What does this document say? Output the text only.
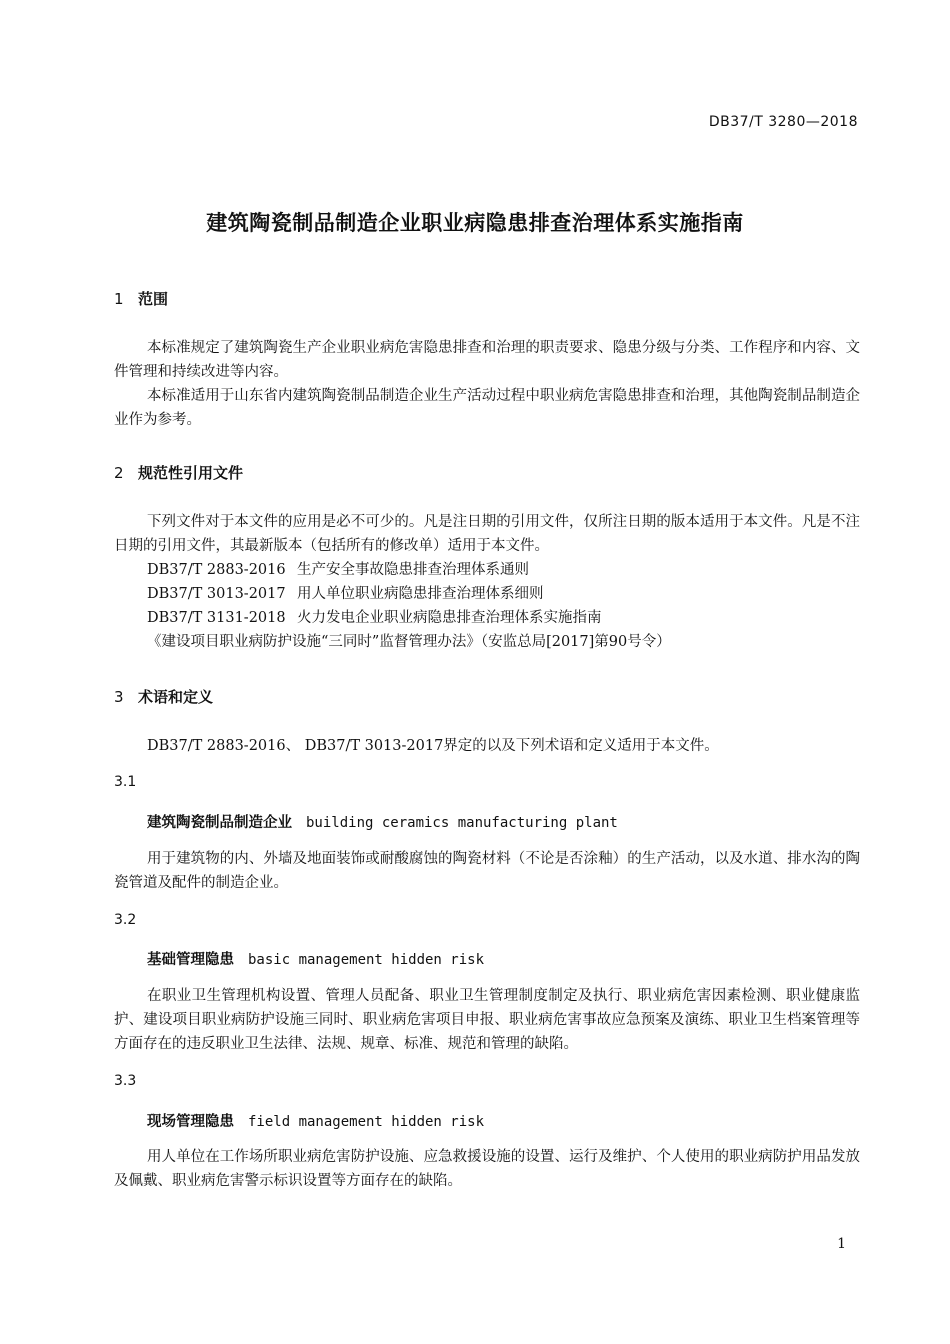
DB37/T 3280—2018
建筑陶瓷制品制造企业职业病隐患排查治理体系实施指南
1 范围
本标准规定了建筑陶瓷生产企业职业病危害隐患排查和治理的职责要求、隐患分级与分类、工作程序和内容、文件管理和持续改进等内容。
本标准适用于山东省内建筑陶瓷制品制造企业生产活动过程中职业病危害隐患排查和治理，其他陶瓷制品制造企业作为参考。
2 规范性引用文件
下列文件对于本文件的应用是必不可少的。凡是注日期的引用文件，仅所注日期的版本适用于本文件。凡是不注日期的引用文件，其最新版本（包括所有的修改单）适用于本文件。
DB37/T 2883-2016 生产安全事故隐患排查治理体系通则
DB37/T 3013-2017 用人单位职业病隐患排查治理体系细则
DB37/T 3131-2018 火力发电企业职业病隐患排查治理体系实施指南
《建设项目职业病防护设施“三同时”监督管理办法》（安监总局[2017]第90号令）
3 术语和定义
DB37/T 2883-2016、 DB37/T 3013-2017界定的以及下列术语和定义适用于本文件。
3.1
建筑陶瓷制品制造企业 building ceramics manufacturing plant
用于建筑物的内、外墙及地面装饰或耐酸腐蚀的陶瓷材料（不论是否涂釉）的生产活动，以及水道、排水沟的陶瓷管道及配件的制造企业。
3.2
基础管理隐患 basic management hidden risk
在职业卫生管理机构设置、管理人员配备、职业卫生管理制度制定及执行、职业病危害因素检测、职业健康监护、建设项目职业病防护设施三同时、职业病危害项目申报、职业病危害事故应急预案及演练、职业卫生档案管理等方面存在的违反职业卫生法律、法规、规章、标准、规范和管理的缺陷。
3.3
现场管理隐患 field management hidden risk
用人单位在工作场所职业病危害防护设施、应急救援设施的设置、运行及维护、个人使用的职业病防护用品发放及佩戴、职业病危害警示标识设置等方面存在的缺陷。
1
